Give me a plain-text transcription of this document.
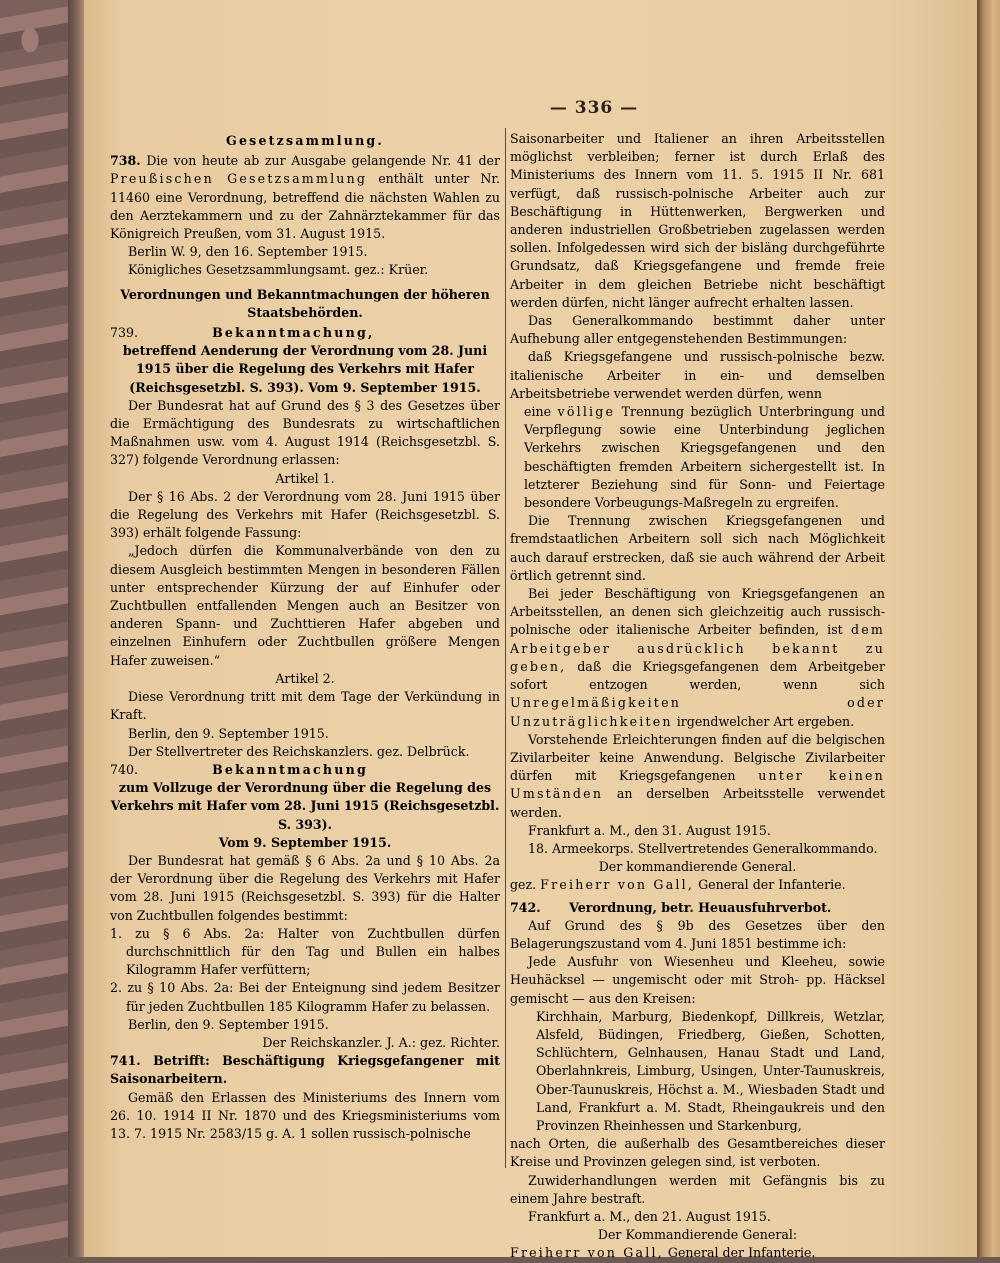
— 336 —

Gesetzsammlung.

738. Die von heute ab zur Ausgabe gelangende Nr. 41 der Preußischen Gesetzsammlung enthält unter Nr. 11460 eine Verordnung, betreffend die nächsten Wahlen zu den Aerztekammern und zu der Zahnärztekammer für das Königreich Preußen, vom 31. August 1915.

Berlin W. 9, den 16. September 1915.

Königliches Gesetzsammlungsamt. gez.: Krüer.

Verordnungen und Bekanntmachungen der höheren Staatsbehörden.

739.	Bekanntmachung,

betreffend Aenderung der Verordnung vom 28. Juni 1915 über die Regelung des Verkehrs mit Hafer (Reichsgesetzbl. S. 393). Vom 9. September 1915.

Der Bundesrat hat auf Grund des § 3 des Gesetzes über die Ermächtigung des Bundesrats zu wirtschaftlichen Maßnahmen usw. vom 4. August 1914 (Reichsgesetzbl. S. 327) folgende Verordnung erlassen:

Artikel 1.

Der § 16 Abs. 2 der Verordnung vom 28. Juni 1915 über die Regelung des Verkehrs mit Hafer (Reichsgesetzbl. S. 393) erhält folgende Fassung:

„Jedoch dürfen die Kommunalverbände von den zu diesem Ausgleich bestimmten Mengen in besonderen Fällen unter entsprechender Kürzung der auf Einhufer oder Zuchtbullen entfallenden Mengen auch an Besitzer von anderen Spann- und Zuchttieren Hafer abgeben und einzelnen Einhufern oder Zuchtbullen größere Mengen Hafer zuweisen.“

Artikel 2.

Diese Verordnung tritt mit dem Tage der Verkündung in Kraft.

Berlin, den 9. September 1915.

Der Stellvertreter des Reichskanzlers. gez. Delbrück.

740.	Bekanntmachung

zum Vollzuge der Verordnung über die Regelung des Verkehrs mit Hafer vom 28. Juni 1915 (Reichsgesetzbl. S. 393).

Vom 9. September 1915.

Der Bundesrat hat gemäß § 6 Abs. 2a und § 10 Abs. 2a der Verordnung über die Regelung des Verkehrs mit Hafer vom 28. Juni 1915 (Reichsgesetzbl. S. 393) für die Halter von Zuchtbullen folgendes bestimmt:

1. zu § 6 Abs. 2a: Halter von Zuchtbullen dürfen durchschnittlich für den Tag und Bullen ein halbes Kilogramm Hafer verfüttern;

2. zu § 10 Abs. 2a: Bei der Enteignung sind jedem Besitzer für jeden Zuchtbullen 185 Kilogramm Hafer zu belassen.

Berlin, den 9. September 1915.

Der Reichskanzler. J. A.: gez. Richter.

741. Betrifft: Beschäftigung Kriegsgefangener mit Saisonarbeitern.

Gemäß den Erlassen des Ministeriums des Innern vom 26. 10. 1914 II Nr. 1870 und des Kriegsministeriums vom 13. 7. 1915 Nr. 2583/15 g. A. 1 sollen russisch-polnische

Saisonarbeiter und Italiener an ihren Arbeitsstellen möglichst verbleiben; ferner ist durch Erlaß des Ministeriums des Innern vom 11. 5. 1915 II Nr. 681 verfügt, daß russisch-polnische Arbeiter auch zur Beschäftigung in Hüttenwerken, Bergwerken und anderen industriellen Großbetrieben zugelassen werden sollen. Infolgedessen wird sich der bisläng durchgeführte Grundsatz, daß Kriegsgefangene und fremde freie Arbeiter in dem gleichen Betriebe nicht beschäftigt werden dürfen, nicht länger aufrecht erhalten lassen.

Das Generalkommando bestimmt daher unter Aufhebung aller entgegenstehenden Bestimmungen:

daß Kriegsgefangene und russisch-polnische bezw. italienische Arbeiter in ein- und demselben Arbeitsbetriebe verwendet werden dürfen, wenn

eine völlige Trennung bezüglich Unterbringung und Verpflegung sowie eine Unterbindung jeglichen Verkehrs zwischen Kriegsgefangenen und den beschäftigten fremden Arbeitern sichergestellt ist. In letzterer Beziehung sind für Sonn- und Feiertage besondere Vorbeugungs-Maßregeln zu ergreifen.

Die Trennung zwischen Kriegsgefangenen und fremdstaatlichen Arbeitern soll sich nach Möglichkeit auch darauf erstrecken, daß sie auch während der Arbeit örtlich getrennt sind.

Bei jeder Beschäftigung von Kriegsgefangenen an Arbeitsstellen, an denen sich gleichzeitig auch russisch-polnische oder italienische Arbeiter befinden, ist dem Arbeitgeber ausdrücklich bekannt zu geben, daß die Kriegsgefangenen dem Arbeitgeber sofort entzogen werden, wenn sich Unregelmäßigkeiten oder Unzuträglichkeiten irgendwelcher Art ergeben.

Vorstehende Erleichterungen finden auf die belgischen Zivilarbeiter keine Anwendung. Belgische Zivilarbeiter dürfen mit Kriegsgefangenen unter keinen Umständen an derselben Arbeitsstelle verwendet werden.

Frankfurt a. M., den 31. August 1915.

18. Armeekorps. Stellvertretendes Generalkommando.

Der kommandierende General.

gez. Freiherr von Gall, General der Infanterie.

742. Verordnung, betr. Heuausfuhrverbot.

Auf Grund des § 9b des Gesetzes über den Belagerungszustand vom 4. Juni 1851 bestimme ich:

Jede Ausfuhr von Wiesenheu und Kleeheu, sowie Heuhäcksel — ungemischt oder mit Stroh- pp. Häcksel gemischt — aus den Kreisen:

Kirchhain, Marburg, Biedenkopf, Dillkreis, Wetzlar, Alsfeld, Büdingen, Friedberg, Gießen, Schotten, Schlüchtern, Gelnhausen, Hanau Stadt und Land, Oberlahnkreis, Limburg, Usingen, Unter-Taunuskreis, Ober-Taunuskreis, Höchst a. M., Wiesbaden Stadt und Land, Frankfurt a. M. Stadt, Rheingaukreis und den Provinzen Rheinhessen und Starkenburg,

nach Orten, die außerhalb des Gesamtbereiches dieser Kreise und Provinzen gelegen sind, ist verboten.

Zuwiderhandlungen werden mit Gefängnis bis zu einem Jahre bestraft.

Frankfurt a. M., den 21. August 1915.

Der Kommandierende General:

Freiherr von Gall, General der Infanterie.
